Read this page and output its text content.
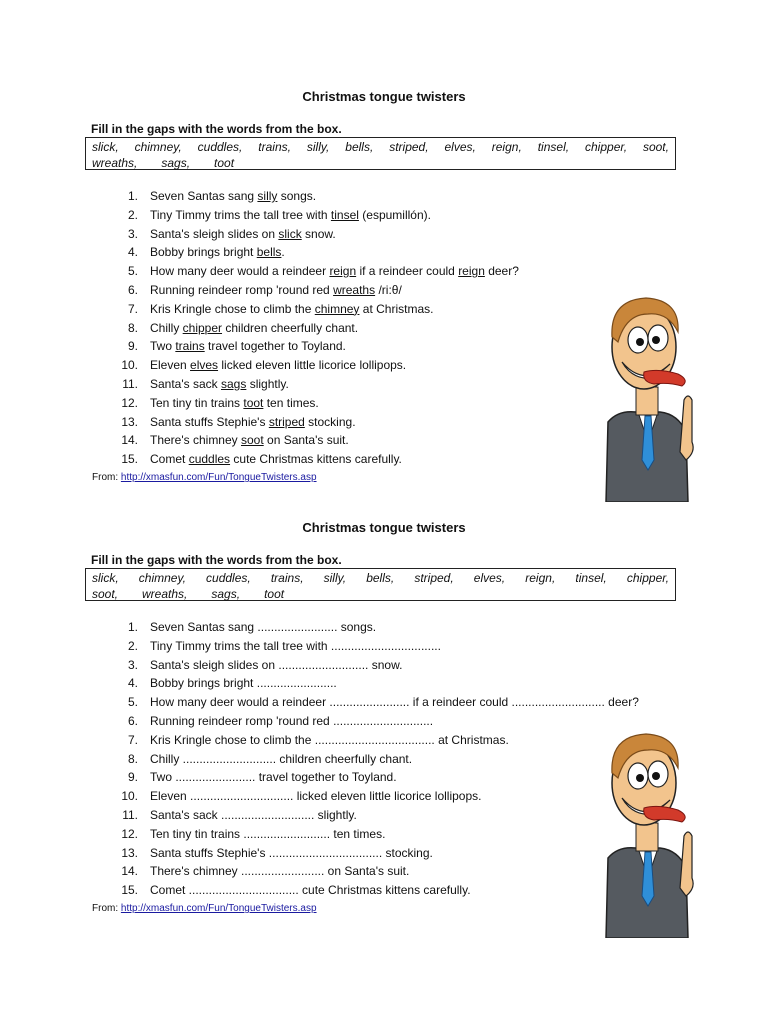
Christmas tongue twisters
Fill in the gaps with the words from the box.
slick, chimney, cuddles, trains, silly, bells, striped, elves, reign, tinsel, chipper, soot,
wreaths, sags, toot
1. Seven Santas sang silly songs.
2. Tiny Timmy trims the tall tree with tinsel (espumillón).
3. Santa's sleigh slides on slick snow.
4. Bobby brings bright bells.
5. How many deer would a reindeer reign if a reindeer could reign deer?
6. Running reindeer romp 'round red wreaths /ri:θ/
7. Kris Kringle chose to climb the chimney at Christmas.
8. Chilly chipper children cheerfully chant.
9. Two trains travel together to Toyland.
10. Eleven elves licked eleven little licorice lollipops.
11. Santa's sack sags slightly.
12. Ten tiny tin trains toot ten times.
13. Santa stuffs Stephie's striped stocking.
14. There's chimney soot on Santa's suit.
15. Comet cuddles cute Christmas kittens carefully.
From: http://xmasfun.com/Fun/TongueTwisters.asp
Christmas tongue twisters
Fill in the gaps with the words from the box.
slick, chimney, cuddles, trains, silly, bells, striped, elves, reign, tinsel, chipper,
soot, wreaths, sags, toot
1. Seven Santas sang ........................ songs.
2. Tiny Timmy trims the tall tree with .................................
3. Santa's sleigh slides on ........................... snow.
4. Bobby brings bright ........................
5. How many deer would a reindeer ........................ if a reindeer could ............................ deer?
6. Running reindeer romp 'round red ..............................
7. Kris Kringle chose to climb the .................................... at Christmas.
8. Chilly ............................ children cheerfully chant.
9. Two ........................ travel together to Toyland.
10. Eleven ............................... licked eleven little licorice lollipops.
11. Santa's sack ............................ slightly.
12. Ten tiny tin trains .......................... ten times.
13. Santa stuffs Stephie's .................................. stocking.
14. There's chimney ......................... on Santa's suit.
15. Comet ................................. cute Christmas kittens carefully.
From: http://xmasfun.com/Fun/TongueTwisters.asp
